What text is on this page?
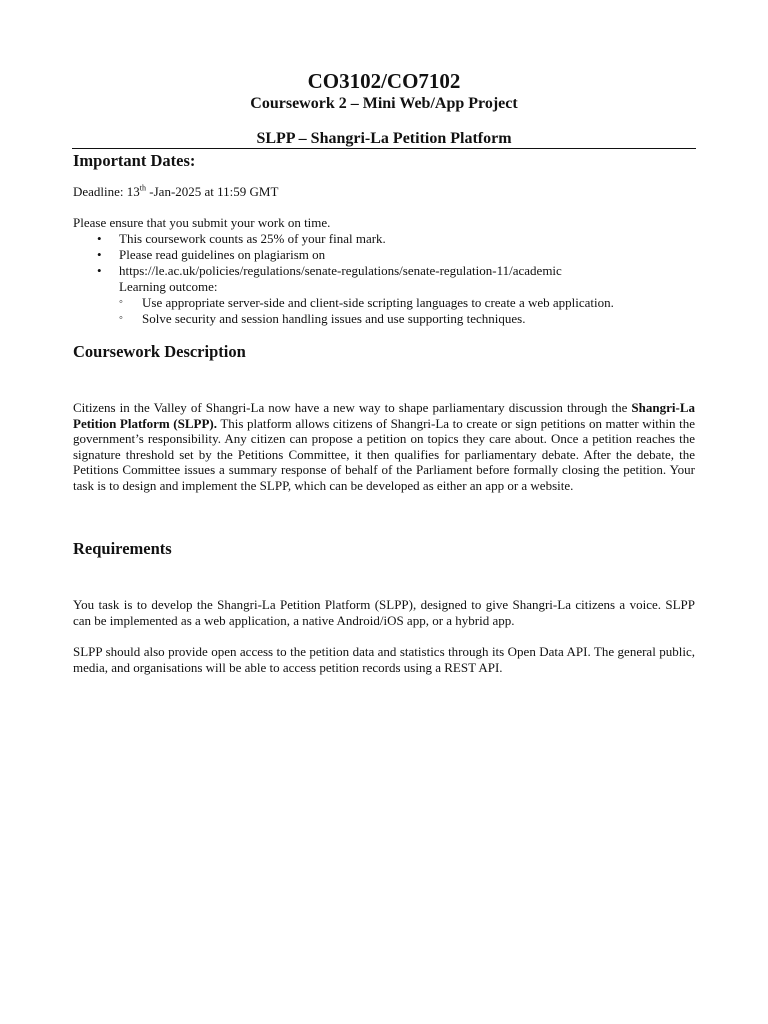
CO3102/CO7102
Coursework 2 – Mini Web/App Project
SLPP – Shangri-La Petition Platform
Important Dates:
Deadline: 13th -Jan-2025 at 11:59 GMT
Please ensure that you submit your work on time.
• This coursework counts as 25% of your final mark.
• Please read guidelines on plagiarism on
• https://le.ac.uk/policies/regulations/senate-regulations/senate-regulation-11/academic
Learning outcome:
◦ Use appropriate server-side and client-side scripting languages to create a web application.
◦ Solve security and session handling issues and use supporting techniques.
Coursework Description
Citizens in the Valley of Shangri-La now have a new way to shape parliamentary discussion through the Shangri-La Petition Platform (SLPP). This platform allows citizens of Shangri-La to create or sign petitions on matter within the government’s responsibility. Any citizen can propose a petition on topics they care about. Once a petition reaches the signature threshold set by the Petitions Committee, it then qualifies for parliamentary debate. After the debate, the Petitions Committee issues a summary response of behalf of the Parliament before formally closing the petition. Your task is to design and implement the SLPP, which can be developed as either an app or a website.
Requirements
You task is to develop the Shangri-La Petition Platform (SLPP), designed to give Shangri-La citizens a voice. SLPP can be implemented as a web application, a native Android/iOS app, or a hybrid app.
SLPP should also provide open access to the petition data and statistics through its Open Data API. The general public, media, and organisations will be able to access petition records using a REST API.
